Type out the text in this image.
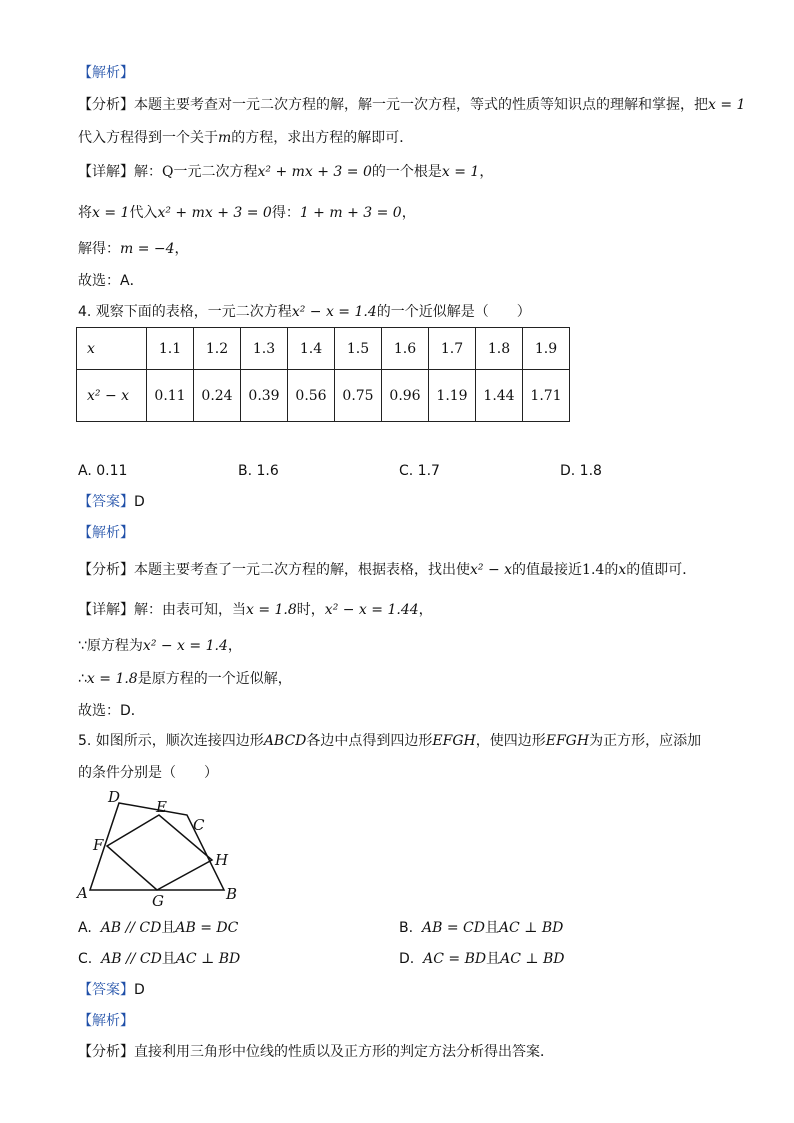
【解析】
【分析】本题主要考查对一元二次方程的解，解一元一次方程，等式的性质等知识点的理解和掌握，把x = 1
代入方程得到一个关于m的方程，求出方程的解即可．
【详解】解：Q一元二次方程x² + mx + 3 = 0的一个根是x = 1，
将x = 1代入x² + mx + 3 = 0得：1 + m + 3 = 0，
解得：m = −4，
故选：A．
4. 观察下面的表格，一元二次方程x² − x = 1.4的一个近似解是（　　）
x	1.1	1.2	1.3	1.4	1.5	1.6	1.7	1.8	1.9
x² − x	0.11	0.24	0.39	0.56	0.75	0.96	1.19	1.44	1.71
A. 0.11	B. 1.6	C. 1.7	D. 1.8
【答案】D
【解析】
【分析】本题主要考查了一元二次方程的解，根据表格，找出使x² − x的值最接近1.4的x的值即可．
【详解】解：由表可知，当x = 1.8时，x² − x = 1.44，
∵原方程为x² − x = 1.4，
∴x = 1.8是原方程的一个近似解，
故选：D．
5. 如图所示，顺次连接四边形ABCD各边中点得到四边形EFGH，使四边形EFGH为正方形，应添加
的条件分别是（　　）
D
E
C
F
H
A	G	B
A. AB // CD且AB = DC	B. AB = CD且AC ⊥ BD
C. AB // CD且AC ⊥ BD	D. AC = BD且AC ⊥ BD
【答案】D
【解析】
【分析】直接利用三角形中位线的性质以及正方形的判定方法分析得出答案．
